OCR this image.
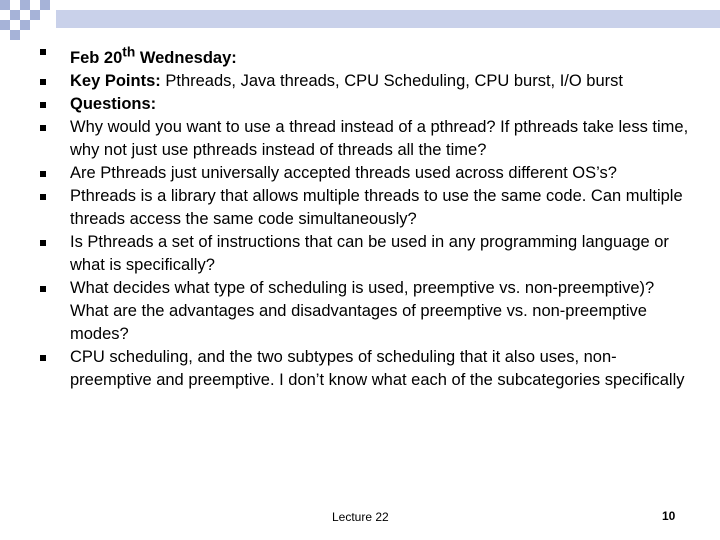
Feb 20th Wednesday:
Key Points: Pthreads, Java threads, CPU Scheduling, CPU burst, I/O burst
Questions:
Why would you want to use a thread instead of a pthread? If pthreads take less time, why not just use pthreads instead of threads all the time?
Are Pthreads just universally accepted threads used across different OS’s?
Pthreads is a library that allows multiple threads to use the same code. Can multiple threads access the same code simultaneously?
Is Pthreads a set of instructions that can be used in any programming language or what is specifically?
What decides what type of scheduling is used, preemptive vs. non-preemptive)? What are the advantages and disadvantages of preemptive vs. non-preemptive modes?
CPU scheduling, and the two subtypes of scheduling that it also uses, non-preemptive and preemptive. I don’t know what each of the subcategories specifically
Lecture 22	10
